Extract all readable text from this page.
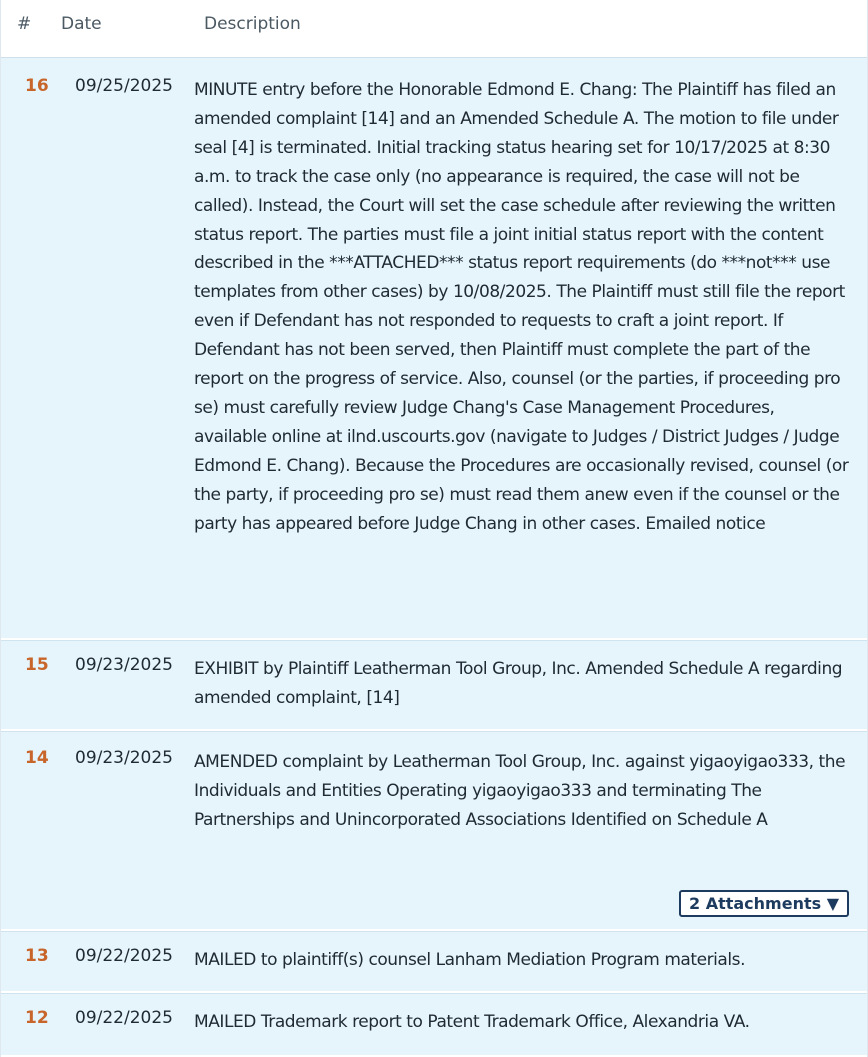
# Date	Description
16 09/25/2025 MINUTE entry before the Honorable Edmond E. Chang: The Plaintiff has filed an amended complaint [14] and an Amended Schedule A. The motion to file under seal [4] is terminated. Initial tracking status hearing set for 10/17/2025 at 8:30 a.m. to track the case only (no appearance is required, the case will not be called). Instead, the Court will set the case schedule after reviewing the written status report. The parties must file a joint initial status report with the content described in the ***ATTACHED*** status report requirements (do ***not*** use templates from other cases) by 10/08/2025. The Plaintiff must still file the report even if Defendant has not responded to requests to craft a joint report. If Defendant has not been served, then Plaintiff must complete the part of the report on the progress of service. Also, counsel (or the parties, if proceeding pro se) must carefully review Judge Chang's Case Management Procedures, available online at ilnd.uscourts.gov (navigate to Judges / District Judges / Judge Edmond E. Chang). Because the Procedures are occasionally revised, counsel (or the party, if proceeding pro se) must read them anew even if the counsel or the party has appeared before Judge Chang in other cases. Emailed notice
15 09/23/2025 EXHIBIT by Plaintiff Leatherman Tool Group, Inc. Amended Schedule A regarding amended complaint, [14]
14 09/23/2025 AMENDED complaint by Leatherman Tool Group, Inc. against yigaoyigao333, the Individuals and Entities Operating yigaoyigao333 and terminating The Partnerships and Unincorporated Associations Identified on Schedule A
2 Attachments ▼
13 09/22/2025 MAILED to plaintiff(s) counsel Lanham Mediation Program materials.
12 09/22/2025 MAILED Trademark report to Patent Trademark Office, Alexandria VA.
